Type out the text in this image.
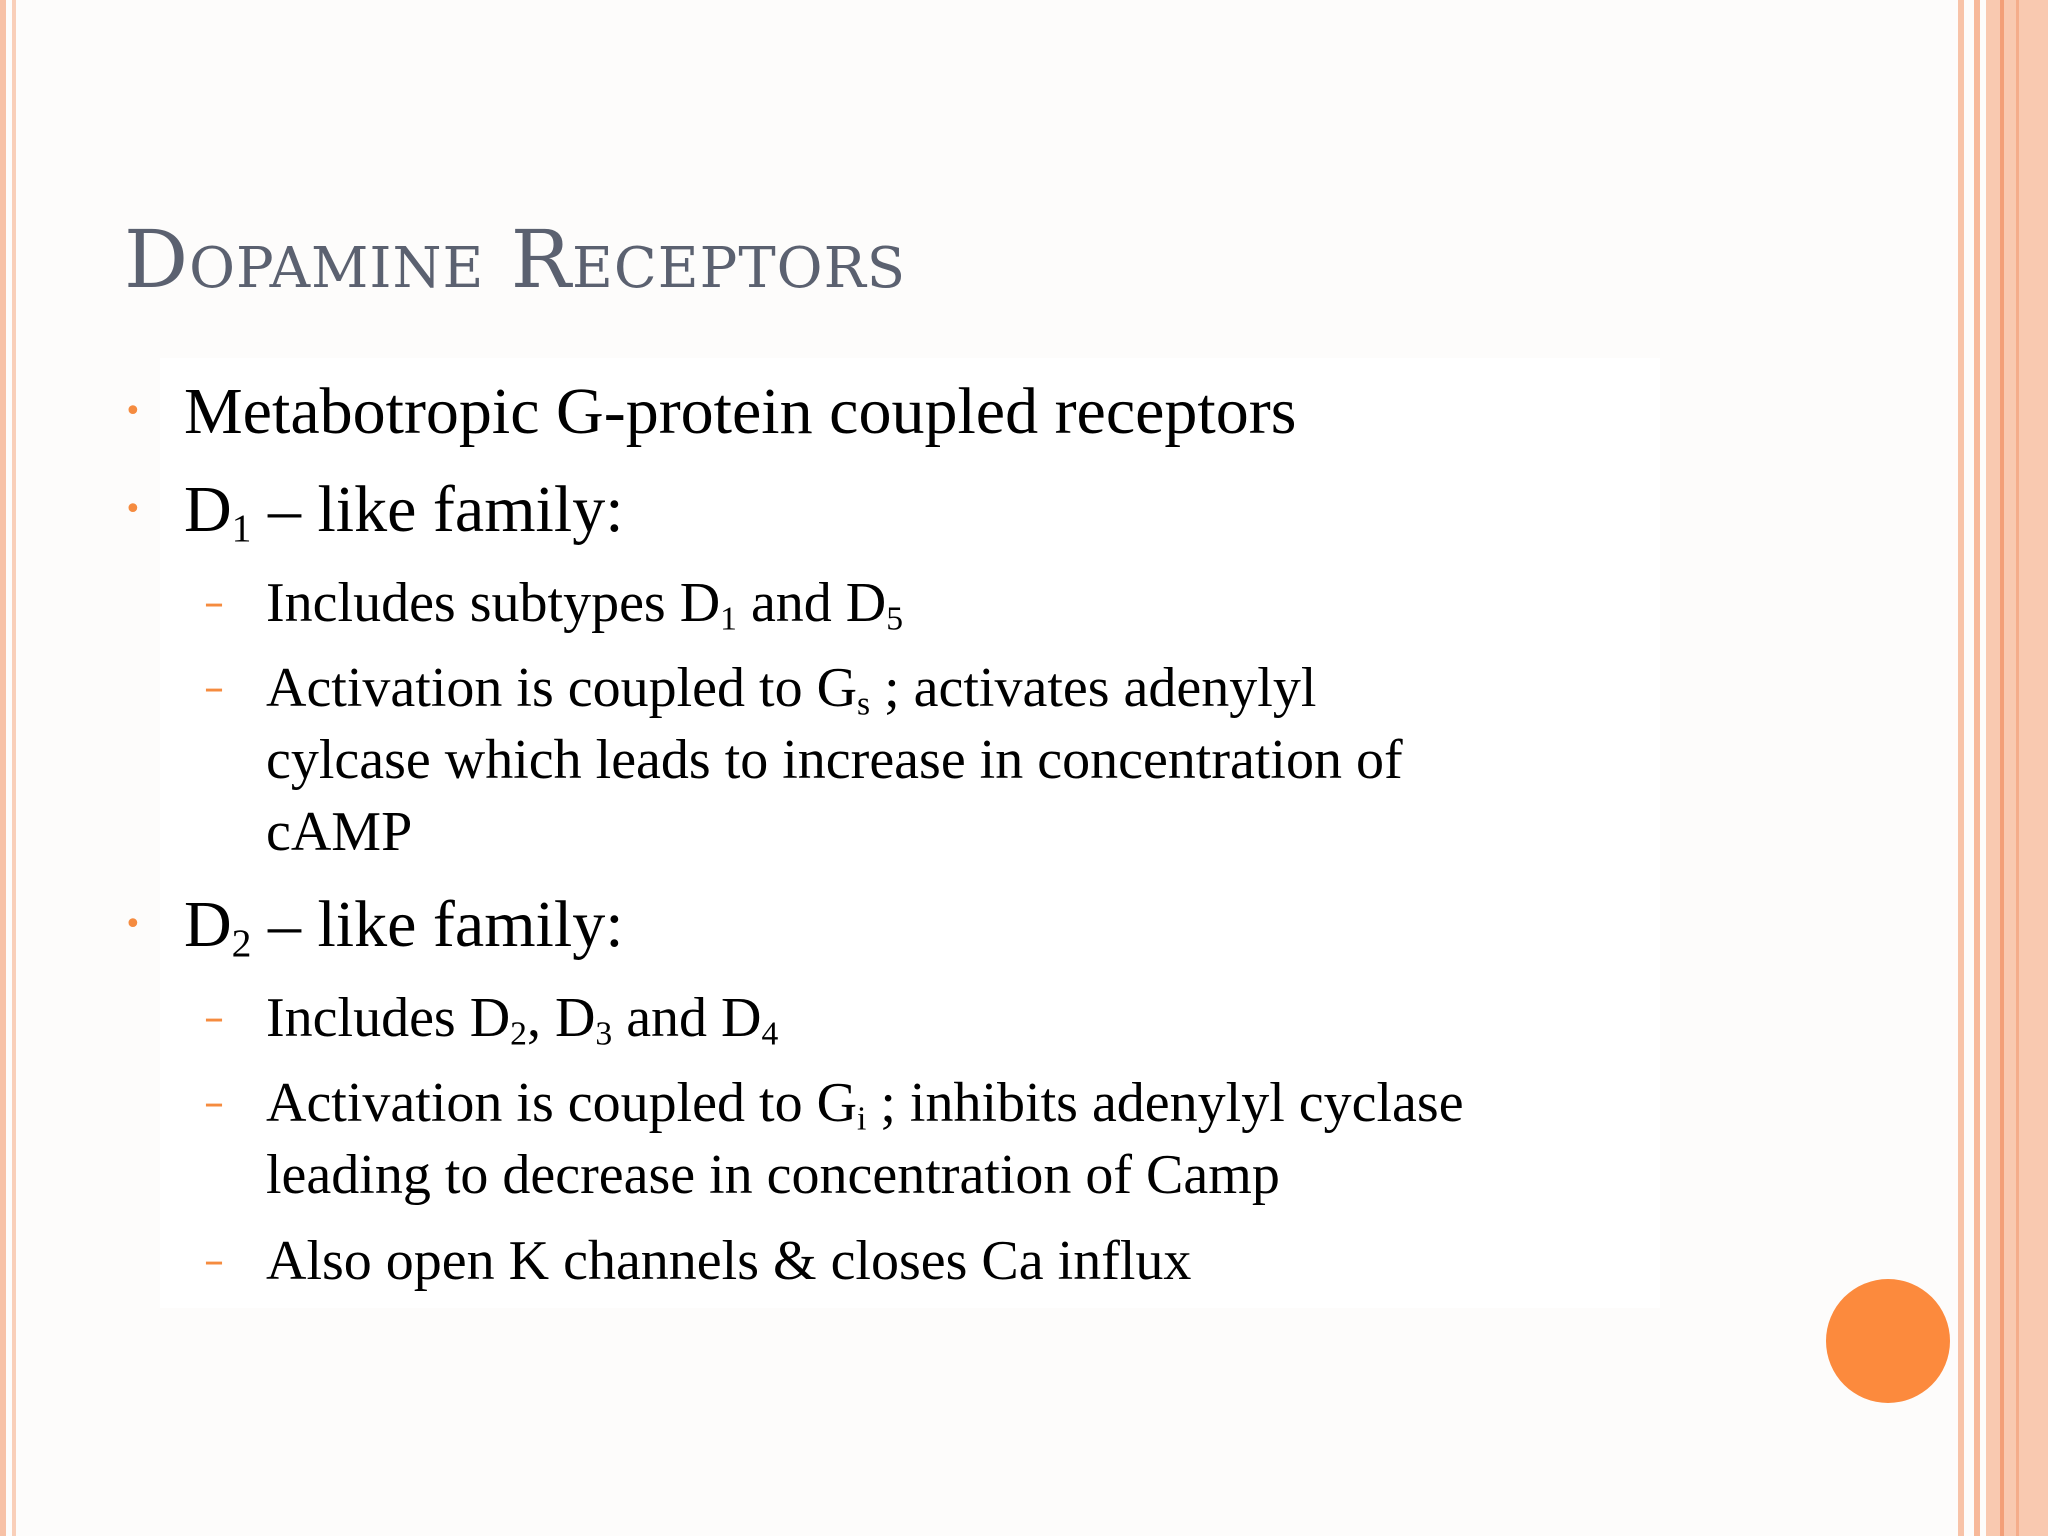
Dopamine Receptors
• Metabotropic G-protein coupled receptors
• $D_1$ – like family:
– Includes subtypes $D_1$ and $D_5$
– Activation is coupled to $G_s$ ; activates adenylyl
cylcase which leads to increase in concentration of
cAMP
• $D_2$ – like family:
– Includes $D_2$, $D_3$ and $D_4$
– Activation is coupled to $G_i$ ; inhibits adenylyl cyclase
leading to decrease in concentration of Camp
– Also open K channels & closes Ca influx
